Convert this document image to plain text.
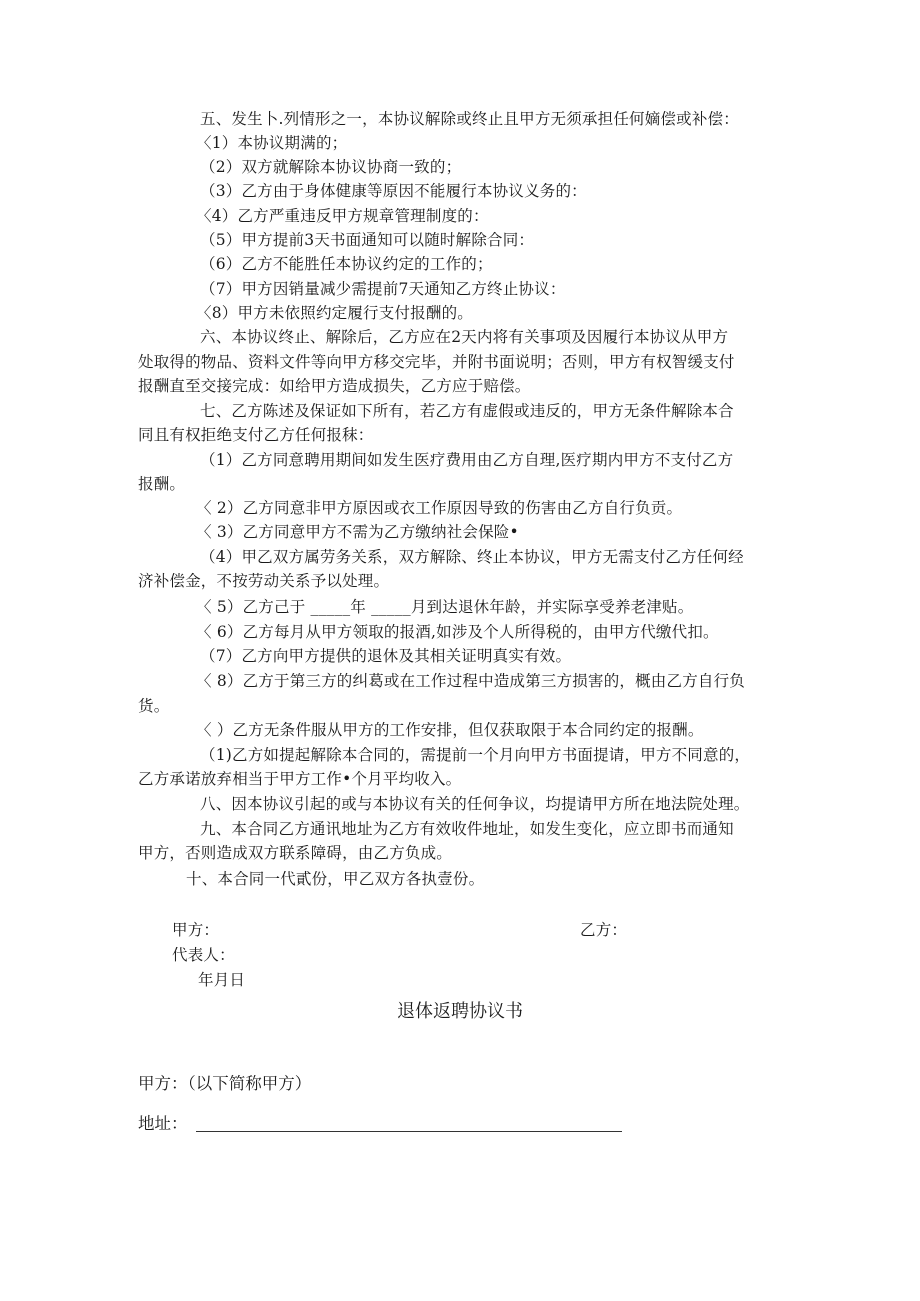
五、发生卜.列情形之一，本协议解除或终止且甲方无须承担任何嫡偿或补偿：
〈1）本协议期满的；
（2）双方就解除本协议协商一致的；
（3）乙方由于身体健康等原因不能履行本协议义务的：
〈4）乙方严重违反甲方规章管理制度的：
（5）甲方提前3天书面通知可以随时解除合同：
（6）乙方不能胜任本协议约定的工作的；
（7）甲方因销量减少需提前7天通知乙方终止协议：
〈8）甲方未依照约定履行支付报酬的。
六、本协议终止、解除后，乙方应在2天内将有关事项及因履行本协议从甲方
处取得的物品、资料文件等向甲方移交完毕，并附书面说明；否则，甲方有权智缓支付
报酬直至交接完成：如给甲方造成损失，乙方应于赔偿。
七、乙方陈述及保证如下所有，若乙方有虚假或违反的，甲方无条件解除本合
同且有权拒绝支付乙方任何报秣：
（1）乙方同意聘用期间如发生医疗费用由乙方自理,医疗期内甲方不支付乙方
报酬。
〈 2）乙方同意非甲方原因或衣工作原因导致的伤害由乙方自行负贡。
〈 3）乙方同意甲方不需为乙方缴纳社会保险•
（4）甲乙双方属劳务关系，双方解除、终止本协议，甲方无需支付乙方任何经
济补偿金，不按劳动关系予以处理。
〈 5）乙方己于 _____年 _____月到达退休年龄，并实际享受养老津贴。
〈 6）乙方每月从甲方领取的报酒,如涉及个人所得税的，由甲方代缴代扣。
（7）乙方向甲方提供的退休及其相关证明真实有效。
〈 8）乙方于第三方的纠葛或在工作过程中造成第三方损害的，概由乙方自行负
货。
〈 ）乙方无条件服从甲方的工作安排，但仅获取限于本合同约定的报酬。
（1)乙方如提起解除本合同的，需提前一个月向甲方书面提请，甲方不同意的，
乙方承诺放弃相当于甲方工作•个月平均收入。
八、因本协议引起的或与本协议有关的任何争议，均提请甲方所在地法院处理。
九、本合同乙方通讯地址为乙方有效收件地址，如发生变化，应立即书而通知
甲方，否则造成双方联系障碍，由乙方负成。
十、本合同一代貳份，甲乙双方各执壹份。
甲方：	乙方：
代表人：
年月日
退体返聘协议书
甲方：（以下简称甲方）
地址：
